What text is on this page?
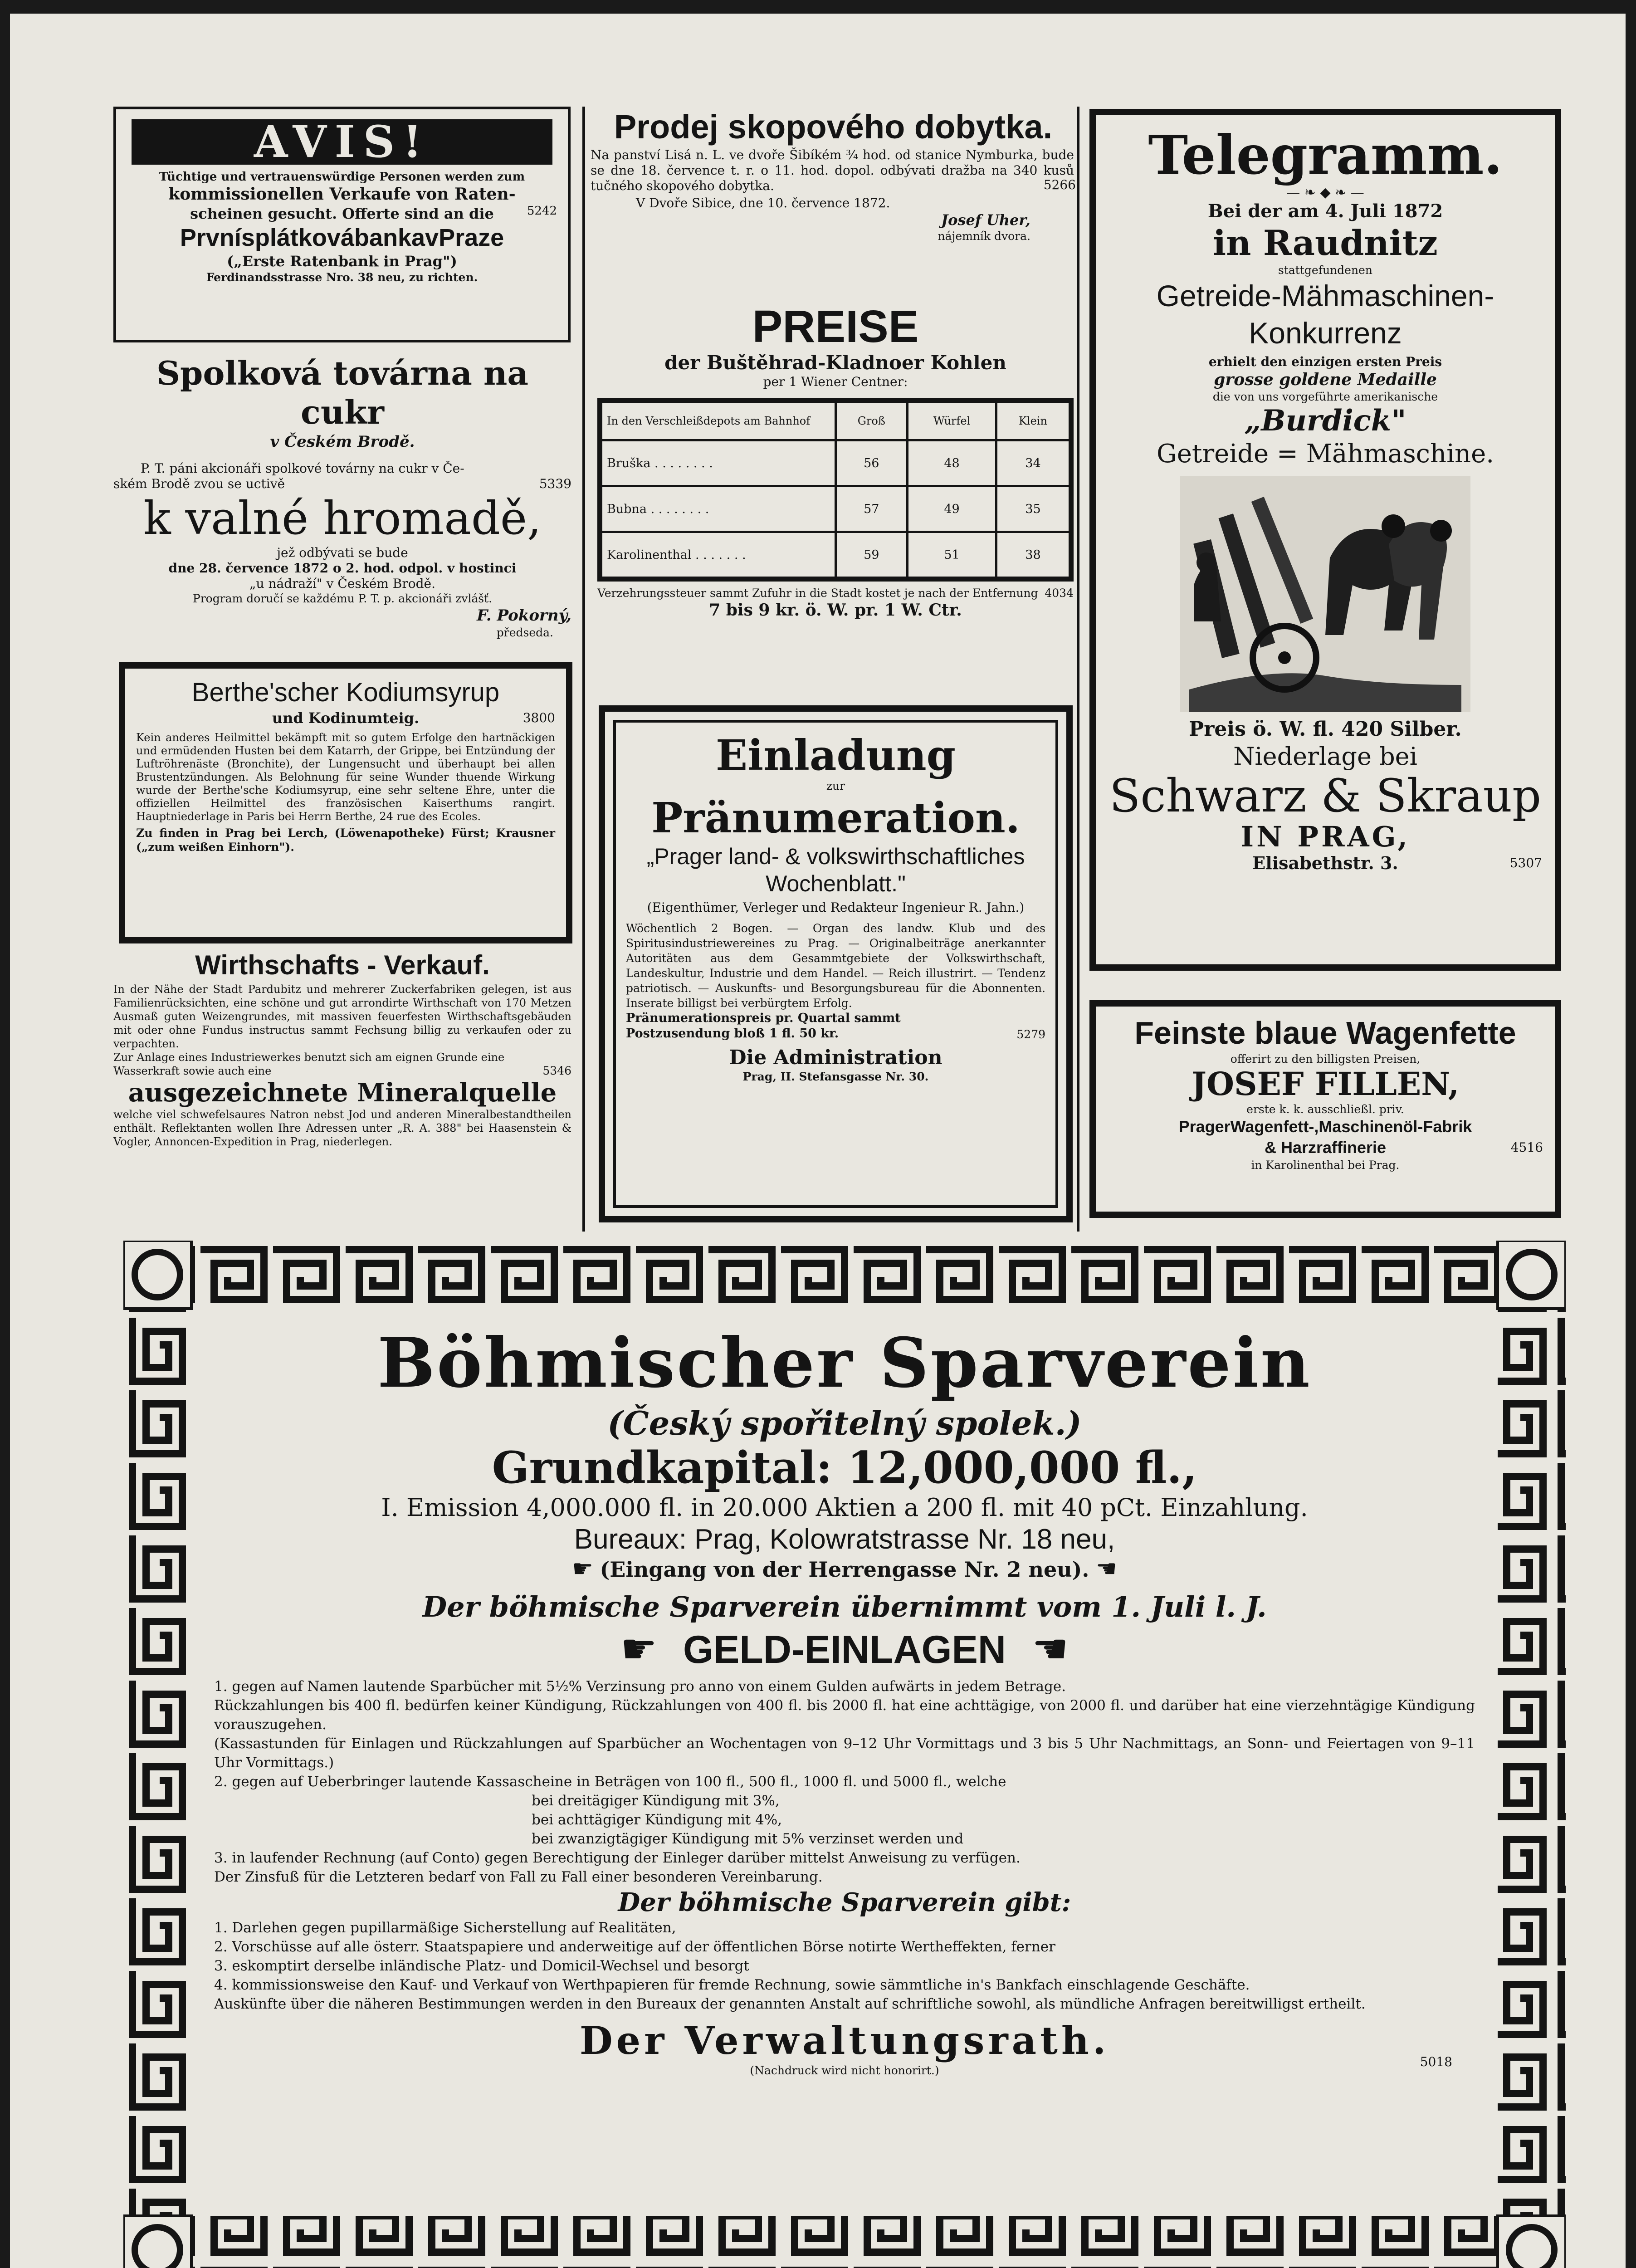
AVIS!

Tüchtige und vertrauenswürdige Personen werden zum

kommissionellen Verkaufe von Raten-

scheinen gesucht. Offerte sind an die	5242

PrvnísplátkovábankavPraze

(„Erste Ratenbank in Prag")

Ferdinandsstrasse Nro. 38 neu, zu richten.

Spolková továrna na cukr

v Českém Brodě.

P. T. páni akcionáři spolkové továrny na cukr v Če-

ském Brodě zvou se uctivě	5339

k valné hromadě,

jež odbývati se bude

dne 28. července 1872 o 2. hod. odpol. v hostinci

„u nádraží" v Českém Brodě.

Program doručí se každému P. T. p. akcionáři zvlášť.

F. Pokorný,

předseda.

Berthe'scher Kodiumsyrup

und Kodinumteig.	3800

Kein anderes Heilmittel bekämpft mit so gutem Erfolge den hartnäckigen und ermüdenden Husten bei dem Katarrh, der Grippe, bei Entzündung der Luftröhrenäste (Bronchite), der Lungensucht und überhaupt bei allen Brustentzündungen. Als Belohnung für seine Wunder thuende Wirkung wurde der Berthe'sche Kodiumsyrup, eine sehr seltene Ehre, unter die offiziellen Heilmittel des französischen Kaiserthums rangirt. Hauptniederlage in Paris bei Herrn Berthe, 24 rue des Ecoles.

Zu finden in Prag bei Lerch, (Löwenapotheke) Fürst; Krausner („zum weißen Einhorn").

Wirthschafts - Verkauf.

In der Nähe der Stadt Pardubitz und mehrerer Zuckerfabriken gelegen, ist aus Familienrücksichten, eine schöne und gut arrondirte Wirthschaft von 170 Metzen Ausmaß guten Weizengrundes, mit massiven feuerfesten Wirthschaftsgebäuden mit oder ohne Fundus instructus sammt Fechsung billig zu verkaufen oder zu verpachten.

Zur Anlage eines Industriewerkes benutzt sich am eignen Grunde eine Wasserkraft sowie auch eine	5346

ausgezeichnete Mineralquelle

welche viel schwefelsaures Natron nebst Jod und anderen Mineralbestandtheilen enthält. Reflektanten wollen Ihre Adressen unter „R. A. 388" bei Haasenstein & Vogler, Annoncen-Expedition in Prag, niederlegen.

Prodej skopového dobytka.

Na panství Lisá n. L. ve dvoře Šibíkém ¾ hod. od stanice Nymburka, bude se dne 18. července t. r. o 11. hod. dopol. odbývati dražba na 340 kusů tučného skopového dobytka.	5266

V Dvoře Sibice, dne 10. července 1872.

Josef Uher,

nájemník dvora.

PREISE

der Buštěhrad-Kladnoer Kohlen

per 1 Wiener Centner:

In den Verschleißdepots am Bahnhof	Groß	Würfel	Klein
Bruška . . . . . . . .	56	48	34
Bubna . . . . . . . .	57	49	35
Karolinenthal . . . . . . .	59	51	38

Verzehrungssteuer sammt Zufuhr in die Stadt kostet je nach der Entfernung 4034

7 bis 9 kr. ö. W. pr. 1 W. Ctr.

Einladung

zur

Pränumeration.

„Prager land- & volkswirthschaftliches Wochenblatt."

(Eigenthümer, Verleger und Redakteur Ingenieur R. Jahn.)

Wöchentlich 2 Bogen. — Organ des landw. Klub und des Spiritusindustriewereines zu Prag. — Originalbeiträge anerkannter Autoritäten aus dem Gesammtgebiete der Volkswirthschaft, Landeskultur, Industrie und dem Handel. — Reich illustrirt. — Tendenz patriotisch. — Auskunfts- und Besorgungsbureau für die Abonnenten. Inserate billigst bei verbürgtem Erfolg.

Pränumerationspreis pr. Quartal sammt Postzusendung bloß 1 fl. 50 kr.	5279

Die Administration

Prag, II. Stefansgasse Nr. 30.

Telegramm.

— ❧ ◆ ❧ —

Bei der am 4. Juli 1872

in Raudnitz

stattgefundenen

Getreide-Mähmaschinen-

Konkurrenz

erhielt den einzigen ersten Preis

grosse goldene Medaille

die von uns vorgeführte amerikanische

„Burdick"

Getreide = Mähmaschine.

Preis ö. W. fl. 420 Silber.

Niederlage bei

Schwarz & Skraup

IN PRAG,

Elisabethstr. 3.	5307

Feinste blaue Wagenfette

offerirt zu den billigsten Preisen,

JOSEF FILLEN,

erste k. k. ausschließl. priv.

PragerWagenfett-,Maschinenöl-Fabrik

& Harzraffinerie	4516

in Karolinenthal bei Prag.

Böhmischer Sparverein

(Český spořitelný spolek.)

Grundkapital: 12,000,000 fl.,

I. Emission 4,000.000 fl. in 20.000 Aktien a 200 fl. mit 40 pCt. Einzahlung.

Bureaux: Prag, Kolowratstrasse Nr. 18 neu,

☛ (Eingang von der Herrengasse Nr. 2 neu). ☚

Der böhmische Sparverein übernimmt vom 1. Juli l. J.

☛ GELD-EINLAGEN ☚

1. gegen auf Namen lautende Sparbücher mit 5½% Verzinsung pro anno von einem Gulden aufwärts in jedem Betrage.

Rückzahlungen bis 400 fl. bedürfen keiner Kündigung, Rückzahlungen von 400 fl. bis 2000 fl. hat eine achttägige, von 2000 fl. und darüber hat eine vierzehntägige Kündigung vorauszugehen.

(Kassastunden für Einlagen und Rückzahlungen auf Sparbücher an Wochentagen von 9–12 Uhr Vormittags und 3 bis 5 Uhr Nachmittags, an Sonn- und Feiertagen von 9–11 Uhr Vormittags.)

2. gegen auf Ueberbringer lautende Kassascheine in Beträgen von 100 fl., 500 fl., 1000 fl. und 5000 fl., welche

bei dreitägiger Kündigung mit 3%,

bei achttägiger Kündigung mit 4%,

bei zwanzigtägiger Kündigung mit 5% verzinset werden und

3. in laufender Rechnung (auf Conto) gegen Berechtigung der Einleger darüber mittelst Anweisung zu verfügen.

Der Zinsfuß für die Letzteren bedarf von Fall zu Fall einer besonderen Vereinbarung.

Der böhmische Sparverein gibt:

1. Darlehen gegen pupillarmäßige Sicherstellung auf Realitäten,

2. Vorschüsse auf alle österr. Staatspapiere und anderweitige auf der öffentlichen Börse notirte Wertheffekten, ferner

3. eskomptirt derselbe inländische Platz- und Domicil-Wechsel und besorgt

4. kommissionsweise den Kauf- und Verkauf von Werthpapieren für fremde Rechnung, sowie sämmtliche in's Bankfach einschlagende Geschäfte.

Auskünfte über die näheren Bestimmungen werden in den Bureaux der genannten Anstalt auf schriftliche sowohl, als mündliche Anfragen bereitwilligst ertheilt.

Der Verwaltungsrath.

(Nachdruck wird nicht honorirt.)

5018
